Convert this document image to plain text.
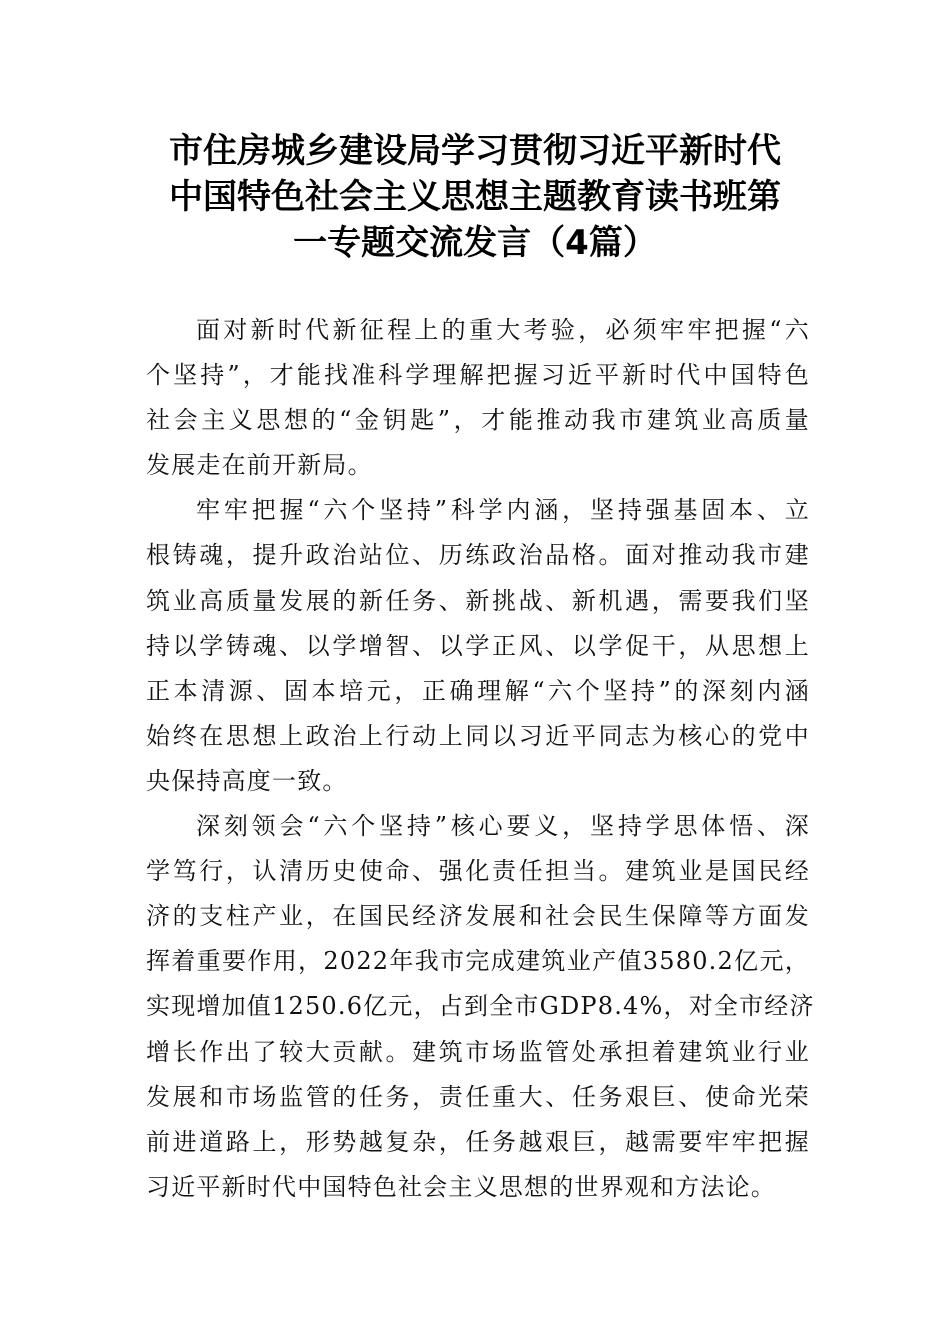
市住房城乡建设局学习贯彻习近平新时代
中国特色社会主义思想主题教育读书班第
一专题交流发言（4篇）

面对新时代新征程上的重大考验，必须牢牢把握“六
个坚持”，才能找准科学理解把握习近平新时代中国特色
社会主义思想的“金钥匙”，才能推动我市建筑业高质量
发展走在前开新局。

牢牢把握“六个坚持”科学内涵，坚持强基固本、立
根铸魂，提升政治站位、历练政治品格。面对推动我市建
筑业高质量发展的新任务、新挑战、新机遇，需要我们坚
持以学铸魂、以学增智、以学正风、以学促干，从思想上
正本清源、固本培元，正确理解“六个坚持”的深刻内涵
始终在思想上政治上行动上同以习近平同志为核心的党中
央保持高度一致。

深刻领会“六个坚持”核心要义，坚持学思体悟、深
学笃行，认清历史使命、强化责任担当。建筑业是国民经
济的支柱产业，在国民经济发展和社会民生保障等方面发
挥着重要作用，2022年我市完成建筑业产值3580.2亿元，
实现增加值1250.6亿元，占到全市GDP8.4%，对全市经济
增长作出了较大贡献。建筑市场监管处承担着建筑业行业
发展和市场监管的任务，责任重大、任务艰巨、使命光荣
前进道路上，形势越复杂，任务越艰巨，越需要牢牢把握
习近平新时代中国特色社会主义思想的世界观和方法论。
